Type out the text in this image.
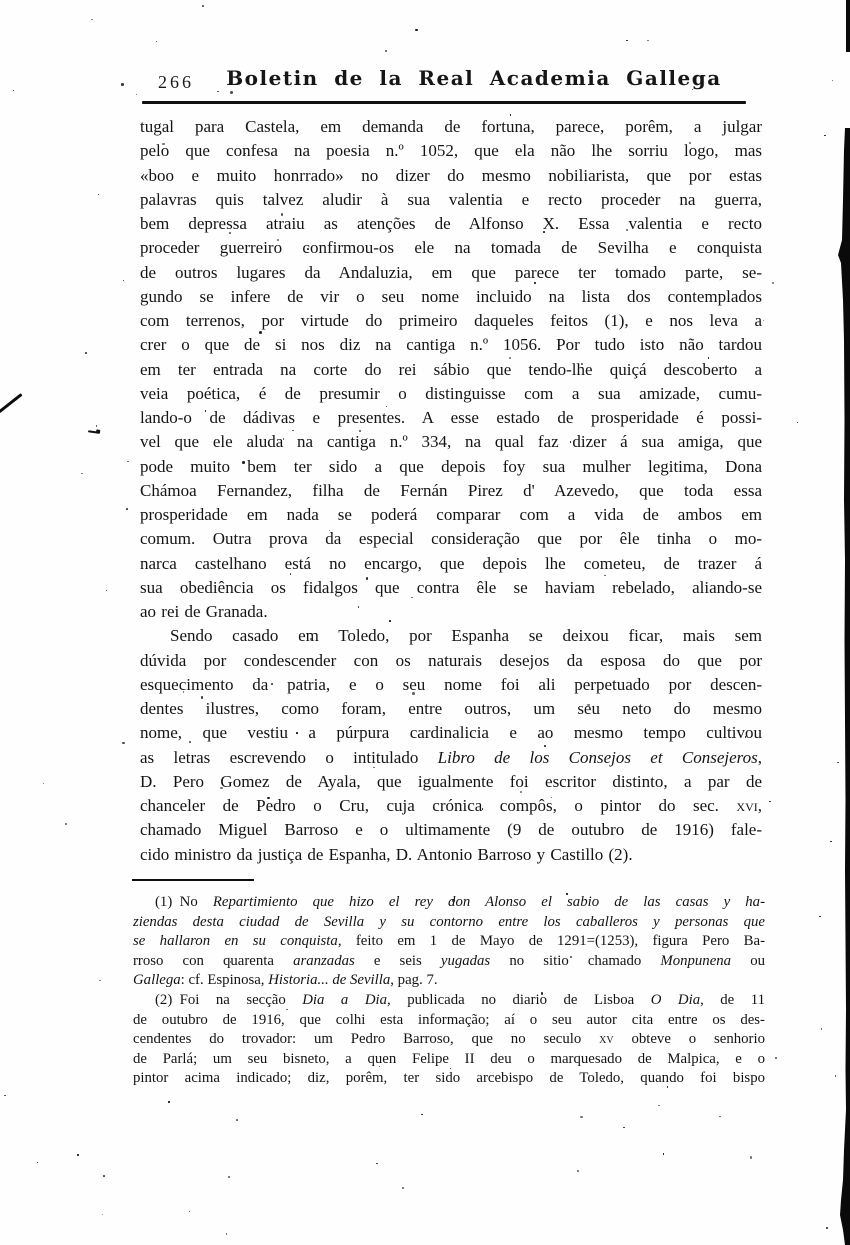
266	Boletin de la Real Academia Gallega
tugal para Castela, em demanda de fortuna, parece, porêm, a julgar
pelo que confesa na poesia n.º 1052, que ela não lhe sorriu logo, mas
«boo e muito honrrado» no dizer do mesmo nobiliarista, que por estas
palavras quis talvez aludir à sua valentia e recto proceder na guerra,
bem depressa atraiu as atenções de Alfonso X. Essa valentia e recto
proceder guerreiro confirmou-os ele na tomada de Sevilha e conquista
de outros lugares da Andaluzia, em que parece ter tomado parte, se-
gundo se infere de vir o seu nome incluido na lista dos contemplados
com terrenos, por virtude do primeiro daqueles feitos (1), e nos leva a
crer o que de si nos diz na cantiga n.º 1056. Por tudo isto não tardou
em ter entrada na corte do rei sábio que tendo-lhe quiçá descoberto a
veia poética, é de presumir o distinguisse com a sua amizade, cumu-
lando-o de dádivas e presentes. A esse estado de prosperidade é possi-
vel que ele aluda na cantiga n.º 334, na qual faz dizer á sua amiga, que
pode muito bem ter sido a que depois foy sua mulher legitima, Dona
Chámoa Fernandez, filha de Fernán Pirez d' Azevedo, que toda essa
prosperidade em nada se poderá comparar com a vida de ambos em
comum. Outra prova da especial consideração que por êle tinha o mo-
narca castelhano está no encargo, que depois lhe cometeu, de trazer á
sua obediência os fidalgos que contra êle se haviam rebelado, aliando-se
ao rei de Granada.
Sendo casado em Toledo, por Espanha se deixou ficar, mais sem
dúvida por condescender con os naturais desejos da esposa do que por
esquecimento da patria, e o seu nome foi ali perpetuado por descen-
dentes ilustres, como foram, entre outros, um seu neto do mesmo
nome, que vestiu a púrpura cardinalicia e ao mesmo tempo cultivou
as letras escrevendo o intitulado Libro de los Consejos et Consejeros,
D. Pero Gomez de Ayala, que igualmente foi escritor distinto, a par de
chanceler de Pedro o Cru, cuja crónica compôs, o pintor do sec. xvi,
chamado Miguel Barroso e o ultimamente (9 de outubro de 1916) fale-
cido ministro da justiça de Espanha, D. Antonio Barroso y Castillo (2).
(1) No Repartimiento que hizo el rey don Alonso el sabio de las casas y ha-
ziendas desta ciudad de Sevilla y su contorno entre los caballeros y personas que
se hallaron en su conquista, feito em 1 de Mayo de 1291=(1253), figura Pero Ba-
rroso con quarenta aranzadas e seis yugadas no sitio chamado Monpunena ou
Gallega: cf. Espinosa, Historia... de Sevilla, pag. 7.
(2) Foi na secção Dia a Dia, publicada no diario de Lisboa O Dia, de 11
de outubro de 1916, que colhi esta informação; aí o seu autor cita entre os des-
cendentes do trovador: um Pedro Barroso, que no seculo xv obteve o senhorio
de Parlá; um seu bisneto, a quen Felipe II deu o marquesado de Malpica, e o
pintor acima indicado; diz, porêm, ter sido arcebispo de Toledo, quando foi bispo
